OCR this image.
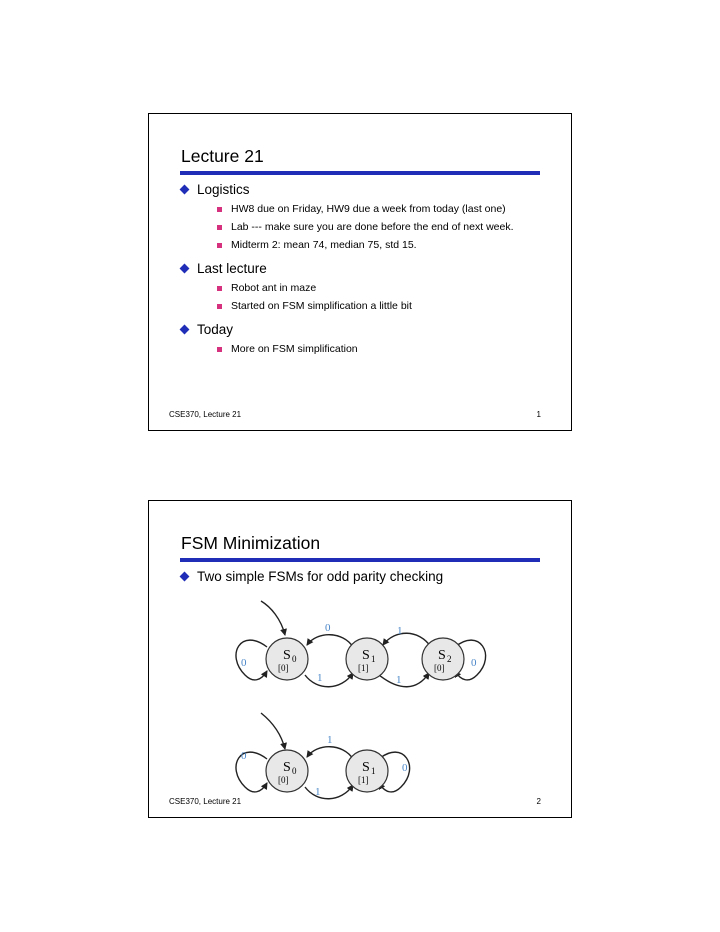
Lecture 21
Logistics
HW8 due on Friday, HW9 due a week from today (last one)
Lab --- make sure you are done before the end of next week.
Midterm 2: mean 74, median 75, std 15.
Last lecture
Robot ant in maze
Started on FSM simplification a little bit
Today
More on FSM simplification
CSE370, Lecture 21	1
FSM Minimization
Two simple FSMs for odd parity checking
S 0
[0]
S 1
[1]
S 2
[0]
0
0
1
1
1
0
S 0
[0]
S 1
[1]
0
1
1
0
CSE370, Lecture 21	2
